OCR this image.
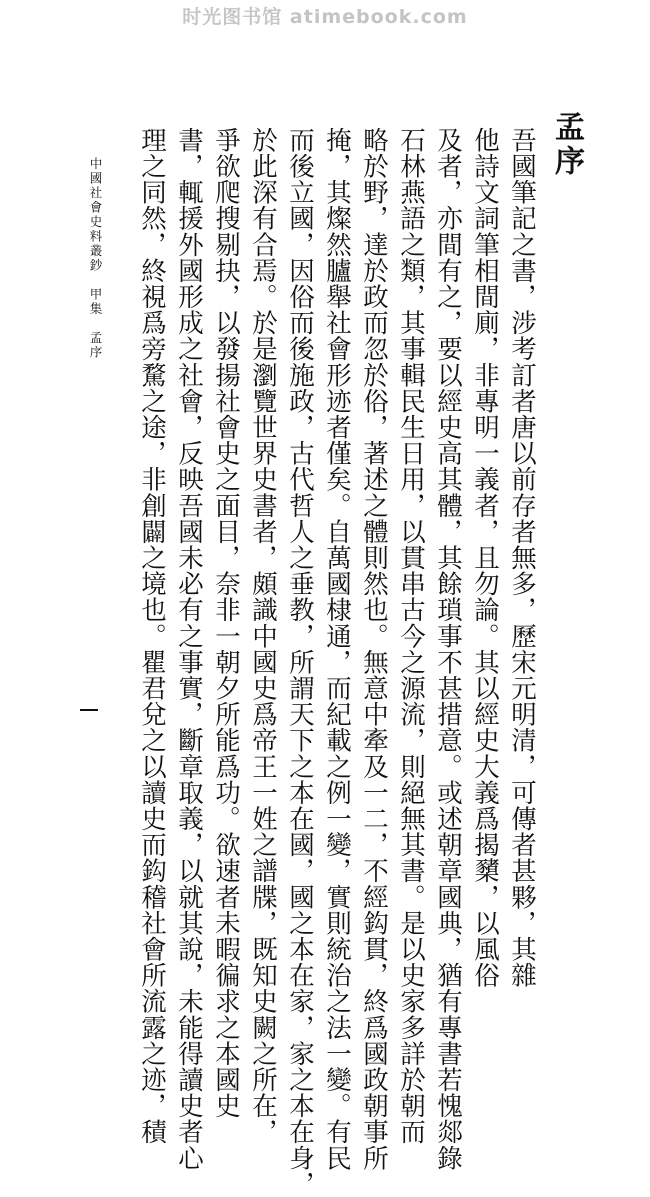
时光图书馆 atimebook.com
孟序
吾國筆記之書，涉考訂者唐以前存者無多，歷宋元明清，可傳者甚夥，其雜
他詩文詞筆相間廁，非專明一義者，且勿論。其以經史大義爲揭櫫，以風俗
及者，亦間有之，要以經史高其體，其餘瑣事不甚措意。或述朝章國典，猶有專書若愧郯錄
石林燕語之類，其事輯民生日用，以貫串古今之源流，則絕無其書。是以史家多詳於朝而
略於野，達於政而忽於俗，著述之體則然也。無意中牽及一二，不經鈎貫，終爲國政朝事所
掩，其燦然臚舉社會形迹者僅矣。自萬國棣通，而紀載之例一變，實則統治之法一變。有民
而後立國，因俗而後施政，古代哲人之垂教，所謂天下之本在國，國之本在家，家之本在身，
於此深有合焉。於是瀏覽世界史書者，頗識中國史爲帝王一姓之譜牒，既知史闕之所在，
爭欲爬搜剔抉，以發揚社會史之面目，奈非一朝夕所能爲功。欲速者未暇徧求之本國史
書，輒援外國形成之社會，反映吾國未必有之事實，斷章取義，以就其說，未能得讀史者心
理之同然，終視爲旁騖之途，非創闢之境也。瞿君兌之以讀史而鈎稽社會所流露之迹，積
中國社會史料叢鈔　甲集　孟序
